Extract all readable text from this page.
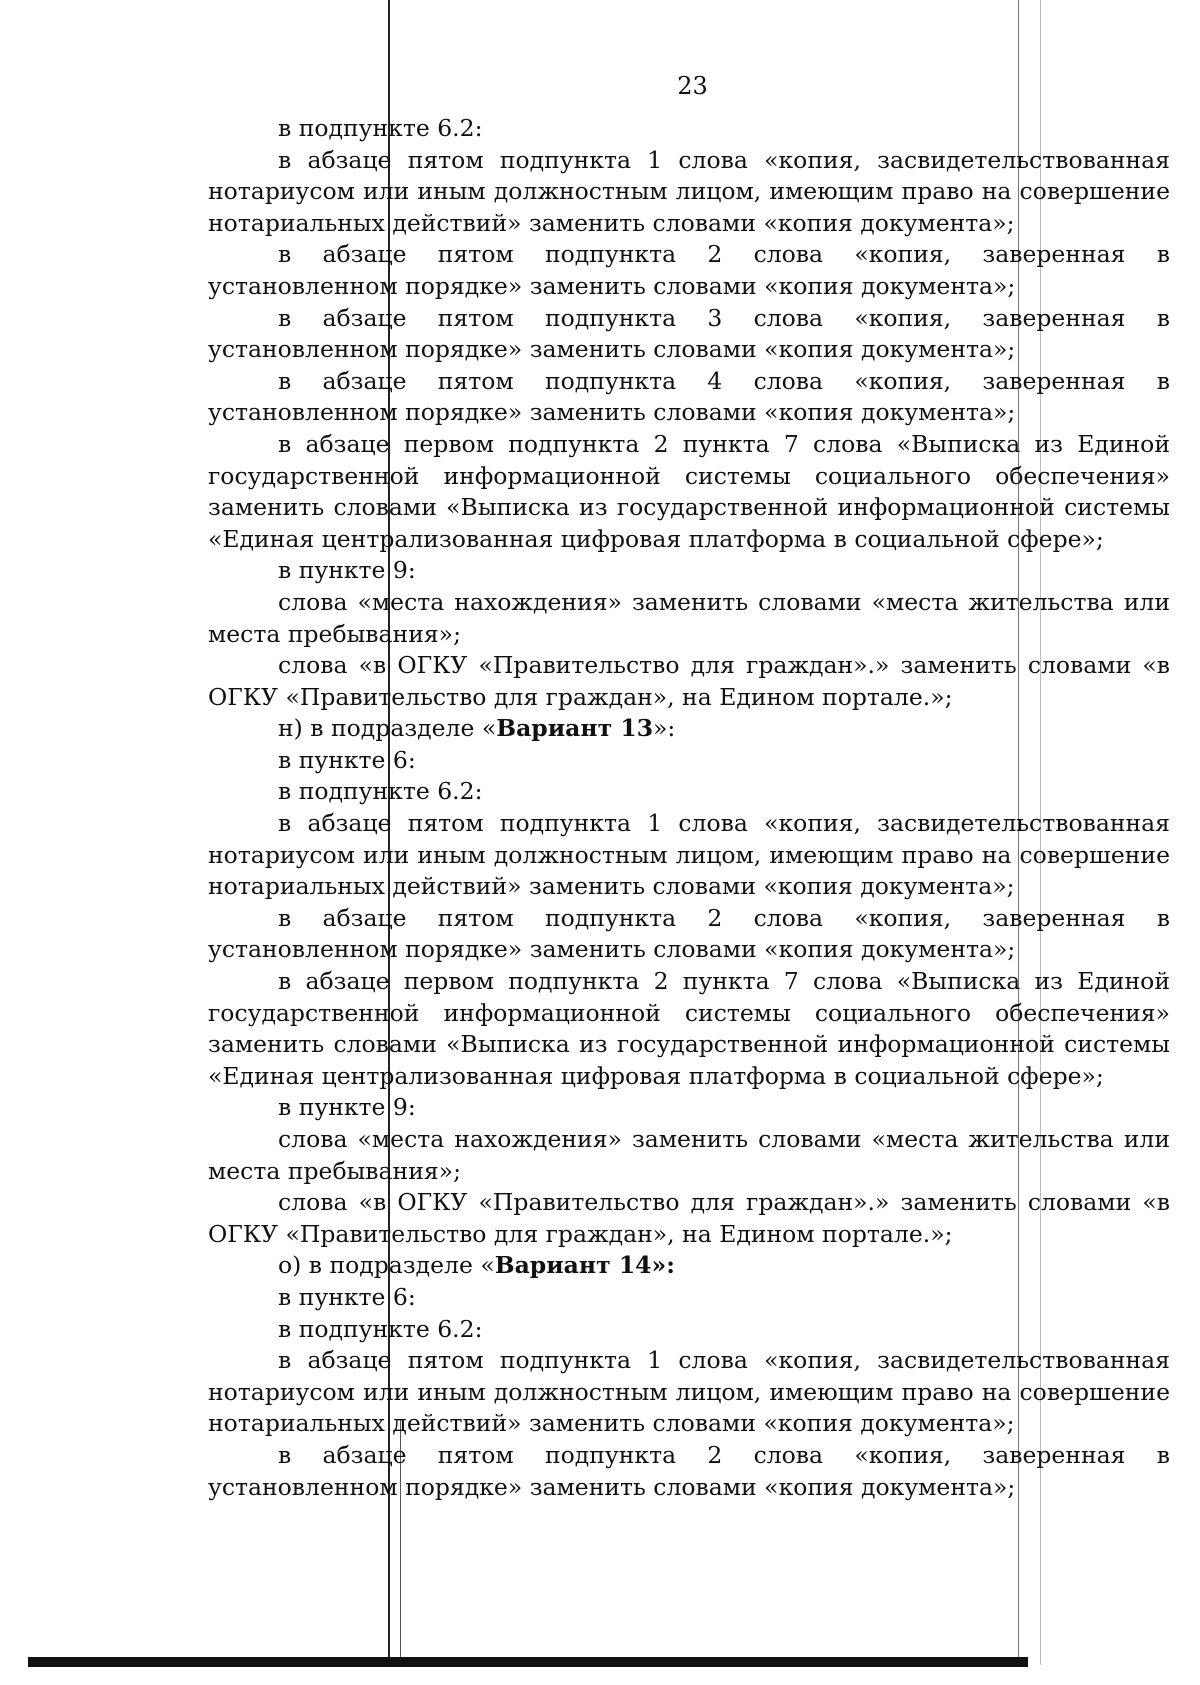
23

в подпункте 6.2:

в абзаце пятом подпункта 1 слова «копия, засвидетельствованная нотариусом или иным должностным лицом, имеющим право на совершение нотариальных действий» заменить словами «копия документа»;

в абзаце пятом подпункта 2 слова «копия, заверенная в установленном порядке» заменить словами «копия документа»;

в абзаце пятом подпункта 3 слова «копия, заверенная в установленном порядке» заменить словами «копия документа»;

в абзаце пятом подпункта 4 слова «копия, заверенная в установленном порядке» заменить словами «копия документа»;

в абзаце первом подпункта 2 пункта 7 слова «Выписка из Единой государственной информационной системы социального обеспечения» заменить словами «Выписка из государственной информационной системы «Единая централизованная цифровая платформа в социальной сфере»;

в пункте 9:

слова «места нахождения» заменить словами «места жительства или места пребывания»;

слова «в ОГКУ «Правительство для граждан».» заменить словами «в ОГКУ «Правительство для граждан», на Едином портале.»;

н) в подразделе «Вариант 13»:

в пункте 6:

в подпункте 6.2:

в абзаце пятом подпункта 1 слова «копия, засвидетельствованная нотариусом или иным должностным лицом, имеющим право на совершение нотариальных действий» заменить словами «копия документа»;

в абзаце пятом подпункта 2 слова «копия, заверенная в установленном порядке» заменить словами «копия документа»;

в абзаце первом подпункта 2 пункта 7 слова «Выписка из Единой государственной информационной системы социального обеспечения» заменить словами «Выписка из государственной информационной системы «Единая централизованная цифровая платформа в социальной сфере»;

в пункте 9:

слова «места нахождения» заменить словами «места жительства или места пребывания»;

слова «в ОГКУ «Правительство для граждан».» заменить словами «в ОГКУ «Правительство для граждан», на Едином портале.»;

о) в подразделе «Вариант 14»:

в пункте 6:

в подпункте 6.2:

в абзаце пятом подпункта 1 слова «копия, засвидетельствованная нотариусом или иным должностным лицом, имеющим право на совершение нотариальных действий» заменить словами «копия документа»;

в абзаце пятом подпункта 2 слова «копия, заверенная в установленном порядке» заменить словами «копия документа»;
